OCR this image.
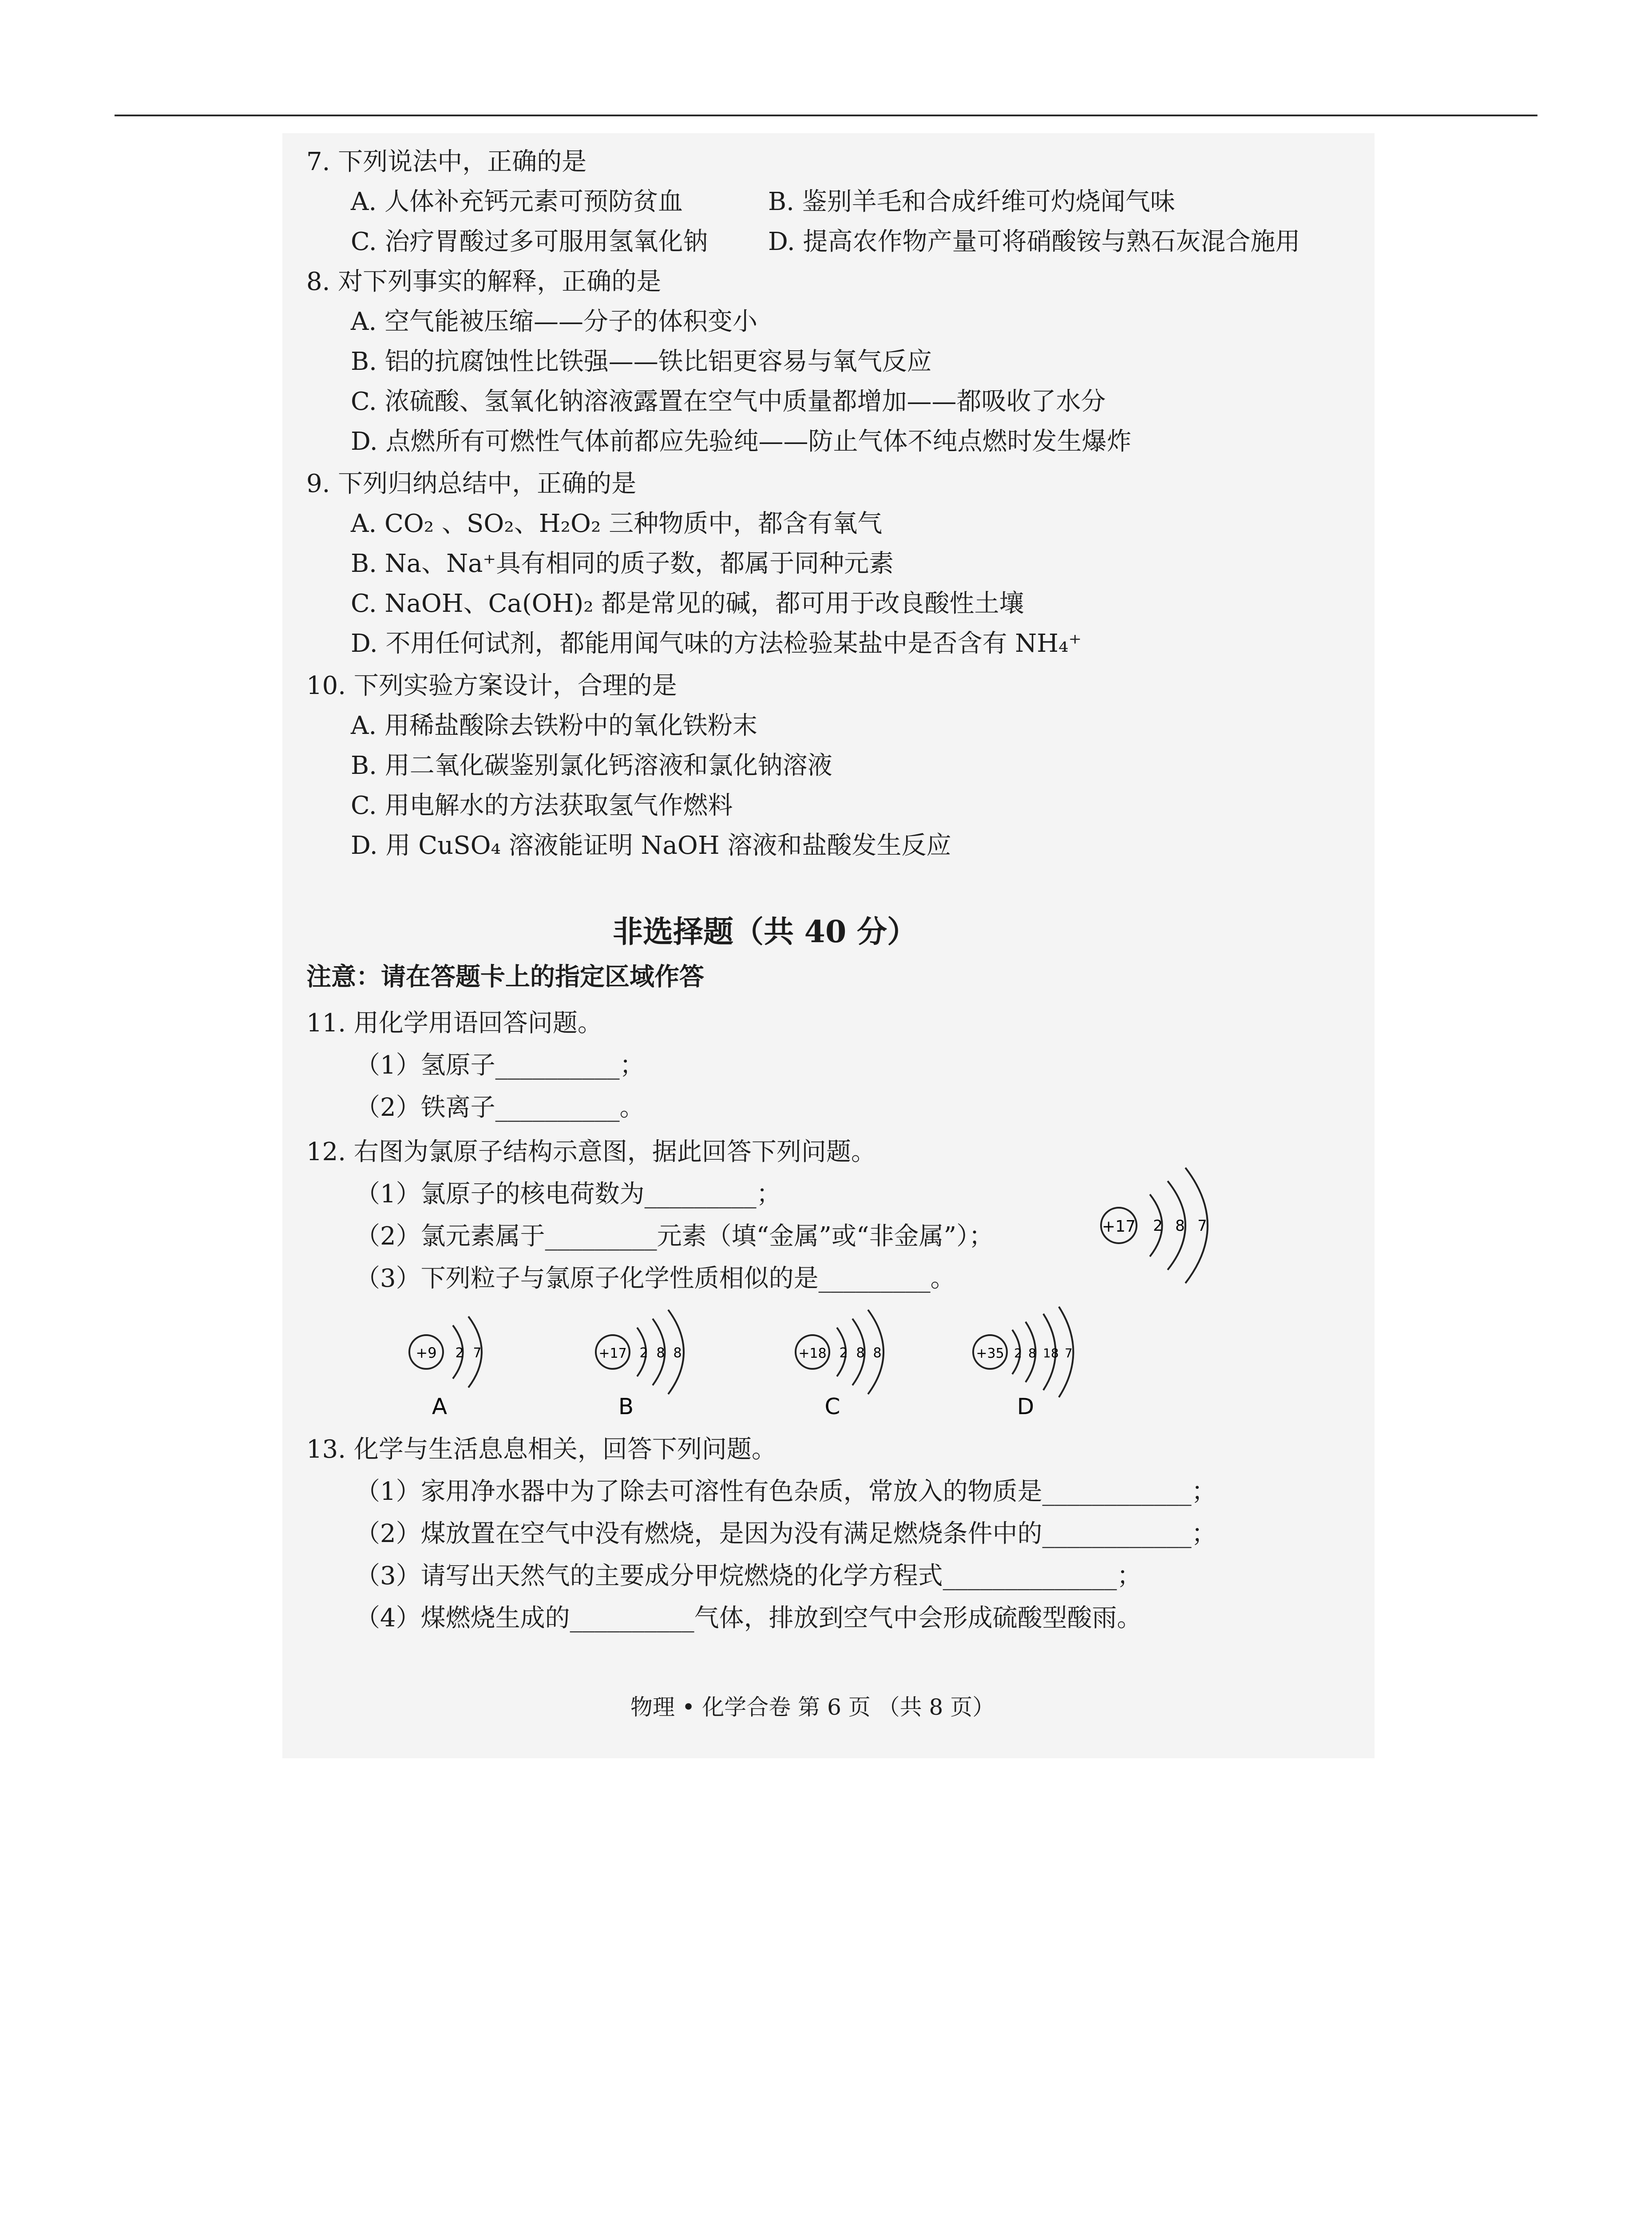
7. 下列说法中，正确的是
A. 人体补充钙元素可预防贫血	B. 鉴别羊毛和合成纤维可灼烧闻气味
C. 治疗胃酸过多可服用氢氧化钠 D. 提高农作物产量可将硝酸铵与熟石灰混合施用
8. 对下列事实的解释，正确的是
A. 空气能被压缩——分子的体积变小
B. 铝的抗腐蚀性比铁强——铁比铝更容易与氧气反应
C. 浓硫酸、氢氧化钠溶液露置在空气中质量都增加——都吸收了水分
D. 点燃所有可燃性气体前都应先验纯——防止气体不纯点燃时发生爆炸
9. 下列归纳总结中，正确的是
A. CO₂ 、SO₂、H₂O₂ 三种物质中，都含有氧气
B. Na、Na⁺具有相同的质子数，都属于同种元素
C. NaOH、Ca(OH)₂ 都是常见的碱，都可用于改良酸性土壤
D. 不用任何试剂，都能用闻气味的方法检验某盐中是否含有 NH₄⁺
10. 下列实验方案设计，合理的是
A. 用稀盐酸除去铁粉中的氧化铁粉末
B. 用二氧化碳鉴别氯化钙溶液和氯化钠溶液
C. 用电解水的方法获取氢气作燃料
D. 用 CuSO₄ 溶液能证明 NaOH 溶液和盐酸发生反应
非选择题（共 40 分）
注意：请在答题卡上的指定区域作答
11. 用化学用语回答问题。
（1）氢原子__________；
（2）铁离子__________。
12. 右图为氯原子结构示意图，据此回答下列问题。
（1）氯原子的核电荷数为_________；
（2）氯元素属于_________元素（填“金属”或“非金属”）；
（3）下列粒子与氯原子化学性质相似的是_________。
+17 2 8 7
+9 2 7
A
+17 2 8 8
B
+18 2 8 8
C
+35 2 8 18 7
D
13. 化学与生活息息相关，回答下列问题。
（1）家用净水器中为了除去可溶性有色杂质，常放入的物质是____________；
（2）煤放置在空气中没有燃烧，是因为没有满足燃烧条件中的____________；
（3）请写出天然气的主要成分甲烷燃烧的化学方程式______________；
（4）煤燃烧生成的__________气体，排放到空气中会形成硫酸型酸雨。
物理 • 化学合卷 第 6 页 （共 8 页）
